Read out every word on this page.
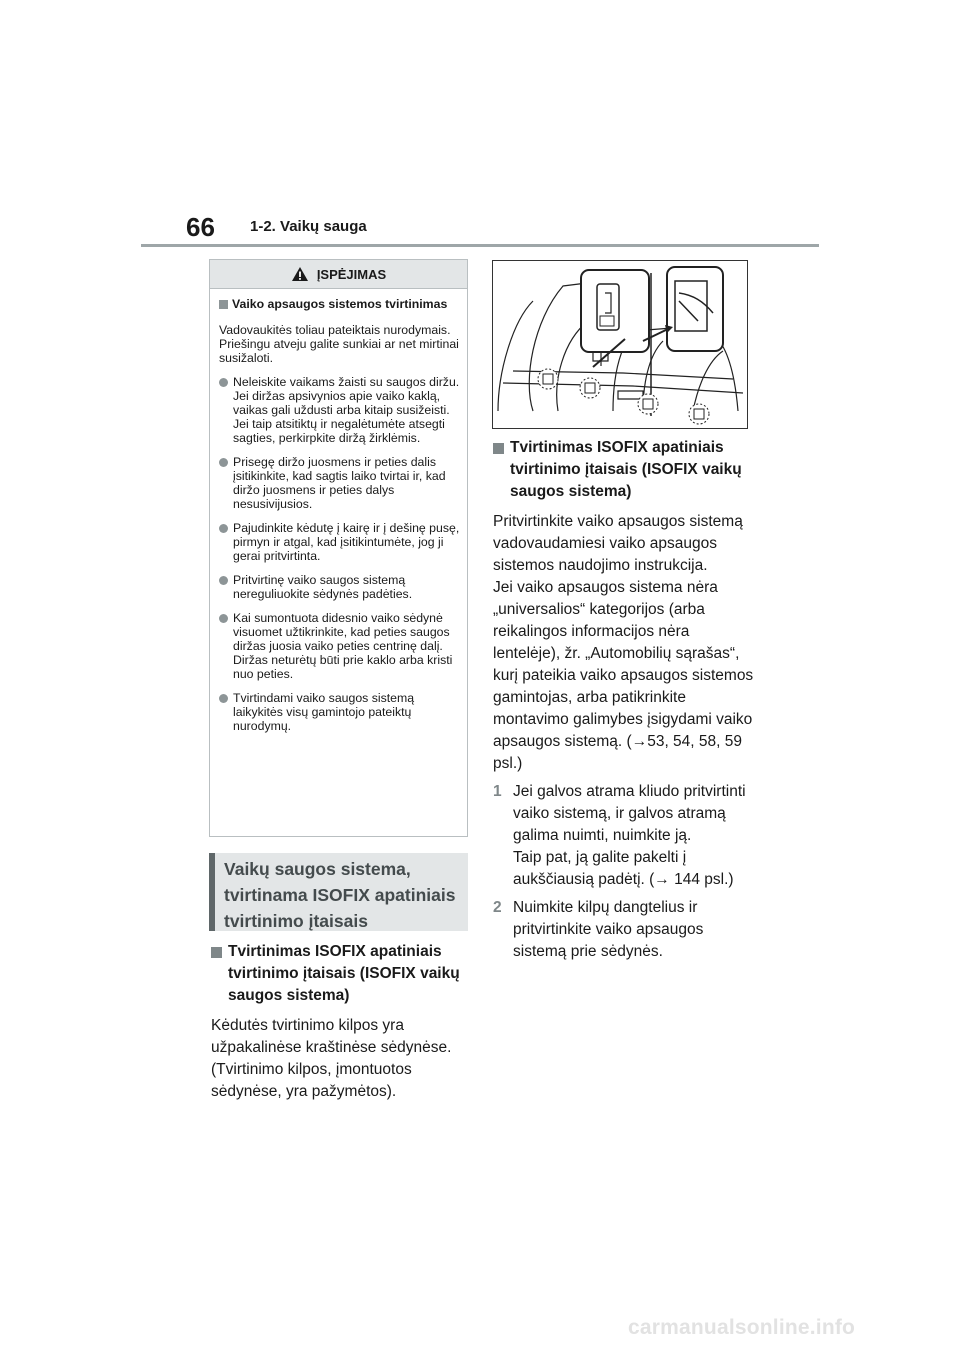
66 1-2. Vaikų sauga
ĮSPĖJIMAS
Vaiko apsaugos sistemos tvirtinimas
Vadovaukitės toliau pateiktais nurodymais.
Priešingu atveju galite sunkiai ar net mirtinai susižaloti.
Neleiskite vaikams žaisti su saugos diržu. Jei diržas apsivynios apie vaiko kaklą, vaikas gali uždusti arba kitaip susižeisti. Jei taip atsitiktų ir negalėtumėte atsegti sagties, perkirpkite diržą žirklėmis.
Prisegę diržo juosmens ir peties dalis įsitikinkite, kad sagtis laiko tvirtai ir, kad diržo juosmens ir peties dalys nesusivijusios.
Pajudinkite kėdutę į kairę ir į dešinę pusę, pirmyn ir atgal, kad įsitikintumėte, jog ji gerai pritvirtinta.
Pritvirtinę vaiko saugos sistemą nereguliuokite sėdynės padėties.
Kai sumontuota didesnio vaiko sėdynė visuomet užtikrinkite, kad peties saugos diržas juosia vaiko peties centrinę dalį. Diržas neturėtų būti prie kaklo arba kristi nuo peties.
Tvirtindami vaiko saugos sistemą laikykitės visų gamintojo pateiktų nurodymų.
Vaikų saugos sistema, tvirtinama ISOFIX apatiniais tvirtinimo įtaisais
Tvirtinimas ISOFIX apatiniais tvirtinimo įtaisais (ISOFIX vaikų saugos sistema)
Kėdutės tvirtinimo kilpos yra užpakalinėse kraštinėse sėdynėse. (Tvirtinimo kilpos, įmontuotos sėdynėse, yra pažymėtos).
Tvirtinimas ISOFIX apatiniais tvirtinimo įtaisais (ISOFIX vaikų saugos sistema)
Pritvirtinkite vaiko apsaugos sistemą vadovaudamiesi vaiko apsaugos sistemos naudojimo instrukcija.
Jei vaiko apsaugos sistema nėra „universalios“ kategorijos (arba reikalingos informacijos nėra lentelėje), žr. „Automobilių sąrašas“, kurį pateikia vaiko apsaugos sistemos gamintojas, arba patikrinkite montavimo galimybes įsigydami vaiko apsaugos sistemą. (→53, 54, 58, 59 psl.)
1 Jei galvos atrama kliudo pritvirtinti vaiko sistemą, ir galvos atramą galima nuimti, nuimkite ją.
Taip pat, ją galite pakelti į aukščiausią padėtį. (→ 144 psl.)
2 Nuimkite kilpų dangtelius ir pritvirtinkite vaiko apsaugos sistemą prie sėdynės.
carmanualsonline.info
